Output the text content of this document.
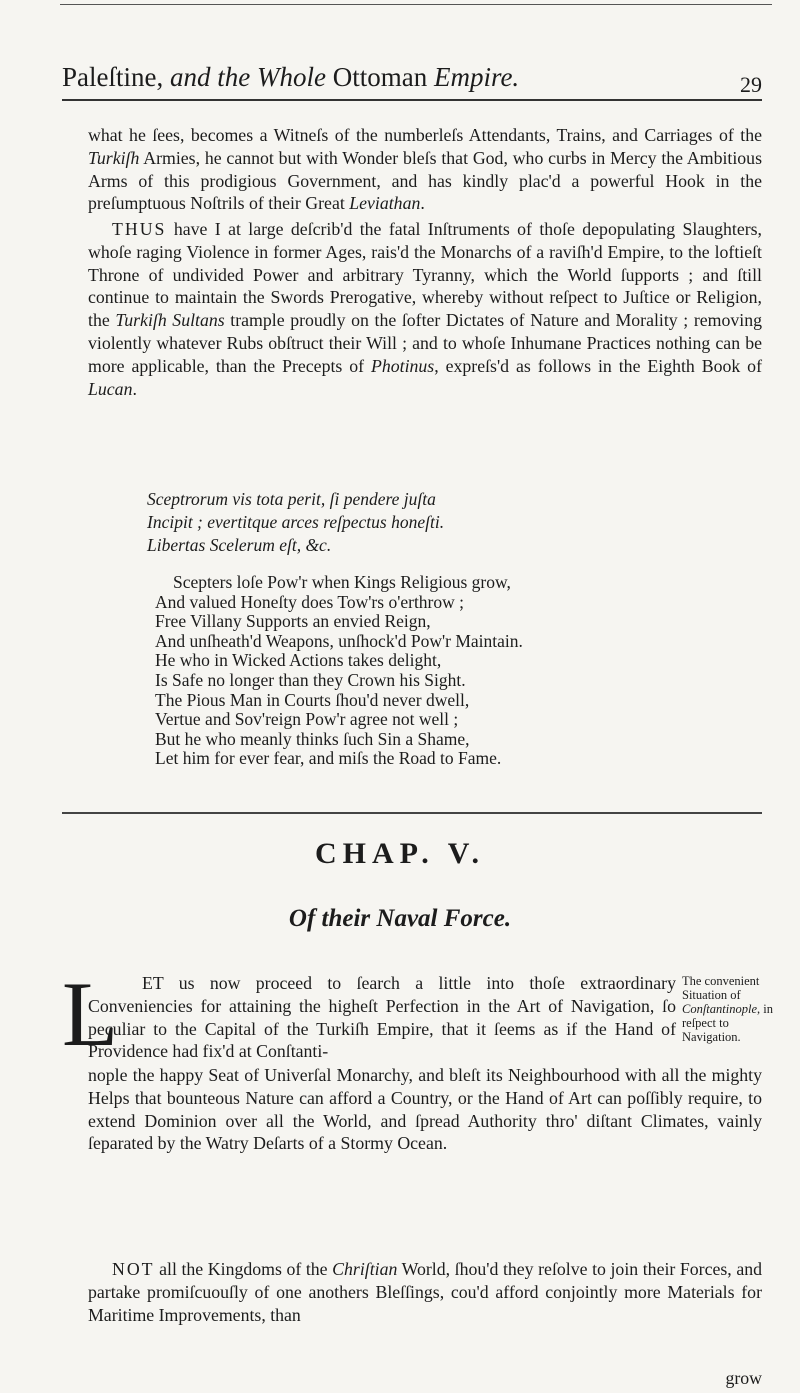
Paleſtine, and the Whole Ottoman Empire.	29

what he ſees, becomes a Witneſs of the numberleſs Attendants, Trains, and Carriages of the Turkiſh Armies, he cannot but with Wonder bleſs that God, who curbs in Mercy the Ambitious Arms of this prodigious Government, and has kindly plac'd a powerful Hook in the preſumptuous Noſtrils of their Great Leviathan.

THUS have I at large deſcrib'd the fatal Inſtruments of thoſe depopulating Slaughters, whoſe raging Violence in former Ages, rais'd the Monarchs of a raviſh'd Empire, to the loftieſt Throne of undivided Power and arbitrary Tyranny, which the World ſupports ; and ſtill continue to maintain the Swords Prerogative, whereby without reſpect to Juſtice or Religion, the Turkiſh Sultans trample proudly on the ſofter Dictates of Nature and Morality ; removing violently whatever Rubs obſtruct their Will ; and to whoſe Inhumane Practices nothing can be more applicable, than the Precepts of Photinus, expreſs'd as follows in the Eighth Book of Lucan.

Sceptrorum vis tota perit, ſi pendere juſta
Incipit ; evertitque arces reſpectus honeſti.
Libertas Scelerum eſt, &c.
Scepters loſe Pow'r when Kings Religious grow,
And valued Honeſty does Tow'rs o'erthrow ;
Free Villany Supports an envied Reign,
And unſheath'd Weapons, unſhock'd Pow'r Maintain.
He who in Wicked Actions takes delight,
Is Safe no longer than they Crown his Sight.
The Pious Man in Courts ſhou'd never dwell,
Vertue and Sov'reign Pow'r agree not well ;
But he who meanly thinks ſuch Sin a Shame,
Let him for ever fear, and miſs the Road to Fame.
CHAP. V.
Of their Naval Force.
L	ET us now proceed to ſearch a little into thoſe extraordinary Conveniencies for attaining the higheſt Perfection in the Art of Navigation, ſo peculiar to the Capital of the Turkiſh Empire, that it ſeems as if the Hand of Providence had fix'd at Conſtanti-

The convenient Situation of Conſtantinople, in reſpect to Navigation.

nople the happy Seat of Univerſal Monarchy, and bleſt its Neighbourhood with all the mighty Helps that bounteous Nature can afford a Country, or the Hand of Art can poſſibly require, to extend Dominion over all the World, and ſpread Authority thro' diſtant Climates, vainly ſeparated by the Watry Deſarts of a Stormy Ocean.

NOT all the Kingdoms of the Chriſtian World, ſhou'd they reſolve to join their Forces, and partake promiſcuouſly of one anothers Bleſſings, cou'd afford conjointly more Materials for Maritime Improvements, than

grow
